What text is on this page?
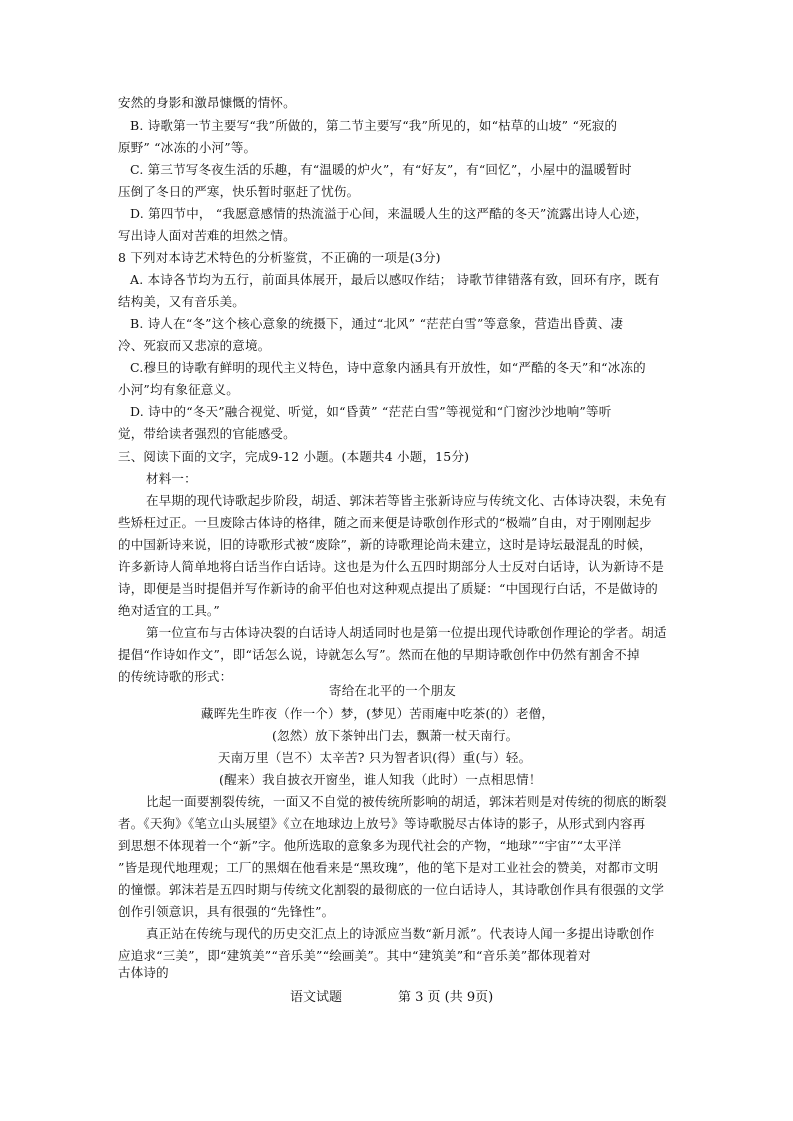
安然的身影和激昂慷慨的情怀。
B. 诗歌第一节主要写“我”所做的，第二节主要写“我”所见的，如“枯草的山坡” “死寂的
原野” “冰冻的小河”等。
C. 第三节写冬夜生活的乐趣，有“温暖的炉火”，有“好友”，有“回忆”，小屋中的温暖暂时
压倒了冬日的严寒，快乐暂时驱赶了忧伤。
D. 第四节中， “我愿意感情的热流溢于心间，来温暖人生的这严酷的冬天”流露出诗人心迹，
写出诗人面对苦难的坦然之情。
8 下列对本诗艺术特色的分析鉴赏，不正确的一项是(3分)
A. 本诗各节均为五行，前面具体展开，最后以感叹作结； 诗歌节律错落有致，回环有序，既有
结构美，又有音乐美。
B. 诗人在“冬”这个核心意象的统摄下，通过“北风” “茫茫白雪”等意象，营造出昏黄、凄
冷、死寂而又悲凉的意境。
C.穆旦的诗歌有鲜明的现代主义特色，诗中意象内涵具有开放性，如“严酷的冬天”和“冰冻的
小河”均有象征意义。
D. 诗中的“冬天”融合视觉、听觉，如“昏黄” “茫茫白雪”等视觉和“门窗沙沙地响”等听
觉，带给读者强烈的官能感受。
三、阅读下面的文字，完成9-12 小题。(本题共4 小题，15分)
材料一：
在早期的现代诗歌起步阶段，胡适、郭沫若等皆主张新诗应与传统文化、古体诗决裂，未免有
些矫枉过正。一旦废除古体诗的格律，随之而来便是诗歌创作形式的“极端”自由，对于刚刚起步
的中国新诗来说，旧的诗歌形式被“废除”，新的诗歌理论尚未建立，这时是诗坛最混乱的时候，
许多新诗人简单地将白话当作白话诗。这也是为什么五四时期部分人士反对白话诗，认为新诗不是
诗，即便是当时提倡并写作新诗的俞平伯也对这种观点提出了质疑：“中国现行白话，不是做诗的
绝对适宜的工具。”
第一位宣布与古体诗决裂的白话诗人胡适同时也是第一位提出现代诗歌创作理论的学者。胡适
提倡“作诗如作文”，即“话怎么说，诗就怎么写”。然而在他的早期诗歌创作中仍然有割舍不掉
的传统诗歌的形式：
寄给在北平的一个朋友
藏晖先生昨夜（作一个）梦，(梦见）苦雨庵中吃茶(的）老僧，
(忽然）放下茶钟出门去，飘萧一杖天南行。
天南万里（岂不）太辛苦? 只为智者识(得）重(与）轻。
(醒来）我自披衣开窗坐，谁人知我（此时）一点相思情！
比起一面要割裂传统，一面又不自觉的被传统所影响的胡适，郭沫若则是对传统的彻底的断裂
者。《天狗》《笔立山头展望》《立在地球边上放号》等诗歌脱尽古体诗的影子，从形式到内容再
到思想不体现着一个“新”字。他所选取的意象多为现代社会的产物，“地球”“宇宙”“太平洋
”皆是现代地理观；工厂的黑烟在他看来是“黑玫瑰”，他的笔下是对工业社会的赞美，对都市文明
的憧憬。郭沫若是五四时期与传统文化割裂的最彻底的一位白话诗人，其诗歌创作具有很强的文学
创作引领意识，具有很强的“先锋性”。
真正站在传统与现代的历史交汇点上的诗派应当数“新月派”。代表诗人闻一多提出诗歌创作
应追求“三美”，即“建筑美”“音乐美”“绘画美”。其中“建筑美”和“音乐美”都体现着对
古体诗的
语文试题	第 3 页 (共 9页)
